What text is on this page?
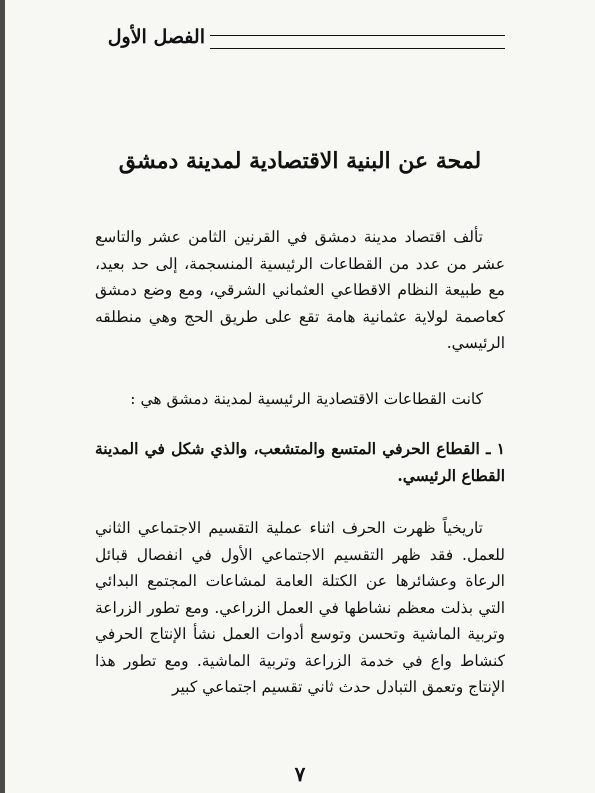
الفصل الأول
لمحة عن البنية الاقتصادية لمدينة دمشق
تألف اقتصاد مدينة دمشق في القرنين الثامن عشر والتاسع عشر من عدد من القطاعات الرئيسية المنسجمة، إلى حد بعيد، مع طبيعة النظام الاقطاعي العثماني الشرقي، ومع وضع دمشق كعاصمة لولاية عثمانية هامة تقع على طريق الحج وهي منطلقه الرئيسي.
كانت القطاعات الاقتصادية الرئيسية لمدينة دمشق هي :
١ ـ القطاع الحرفي المتسع والمتشعب، والذي شكل في المدينة القطاع الرئيسي.
تاريخياً ظهرت الحرف اثناء عملية التقسيم الاجتماعي الثاني للعمل. فقد ظهر التقسيم الاجتماعي الأول في انفصال قبائل الرعاة وعشائرها عن الكتلة العامة لمشاعات المجتمع البدائي التي بذلت معظم نشاطها في العمل الزراعي. ومع تطور الزراعة وتربية الماشية وتحسن وتوسع أدوات العمل نشأ الإنتاج الحرفي كنشاط واع في خدمة الزراعة وتربية الماشية. ومع تطور هذا الإنتاج وتعمق التبادل حدث ثاني تقسيم اجتماعي كبير
٧
